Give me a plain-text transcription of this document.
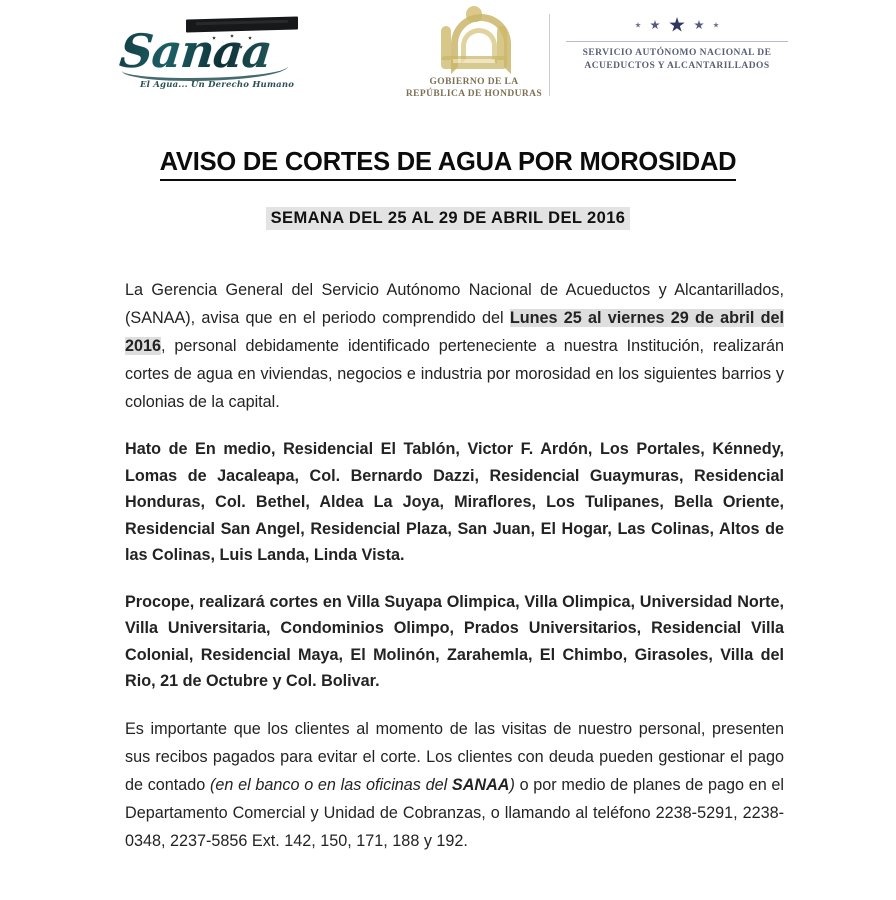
Sanaa
El Agua... Un Derecho Humano	GOBIERNO DE LA
REPÚBLICA DE HONDURAS
SERVICIO AUTÓNOMO NACIONAL DE
ACUEDUCTOS Y ALCANTARILLADOS
AVISO DE CORTES DE AGUA POR MOROSIDAD
SEMANA DEL 25 AL 29 DE ABRIL DEL 2016

La Gerencia General del Servicio Autónomo Nacional de Acueductos y Alcantarillados, (SANAA), avisa que en el periodo comprendido del Lunes 25 al viernes 29 de abril del 2016, personal debidamente identificado perteneciente a nuestra Institución, realizarán cortes de agua en viviendas, negocios e industria por morosidad en los siguientes barrios y colonias de la capital.

Hato de En medio, Residencial El Tablón, Victor F. Ardón, Los Portales, Kénnedy, Lomas de Jacaleapa, Col. Bernardo Dazzi, Residencial Guaymuras, Residencial Honduras, Col. Bethel, Aldea La Joya, Miraflores, Los Tulipanes, Bella Oriente, Residencial San Angel, Residencial Plaza, San Juan, El Hogar, Las Colinas, Altos de las Colinas, Luis Landa, Linda Vista.

Procope, realizará cortes en Villa Suyapa Olimpica, Villa Olimpica, Universidad Norte, Villa Universitaria, Condominios Olimpo, Prados Universitarios, Residencial Villa Colonial, Residencial Maya, El Molinón, Zarahemla, El Chimbo, Girasoles, Villa del Rio, 21 de Octubre y Col. Bolivar.

Es importante que los clientes al momento de las visitas de nuestro personal, presenten sus recibos pagados para evitar el corte. Los clientes con deuda pueden gestionar el pago de contado (en el banco o en las oficinas del SANAA) o por medio de planes de pago en el Departamento Comercial y Unidad de Cobranzas, o llamando al teléfono 2238-5291, 2238-0348, 2237-5856 Ext. 142, 150, 171, 188 y 192.
